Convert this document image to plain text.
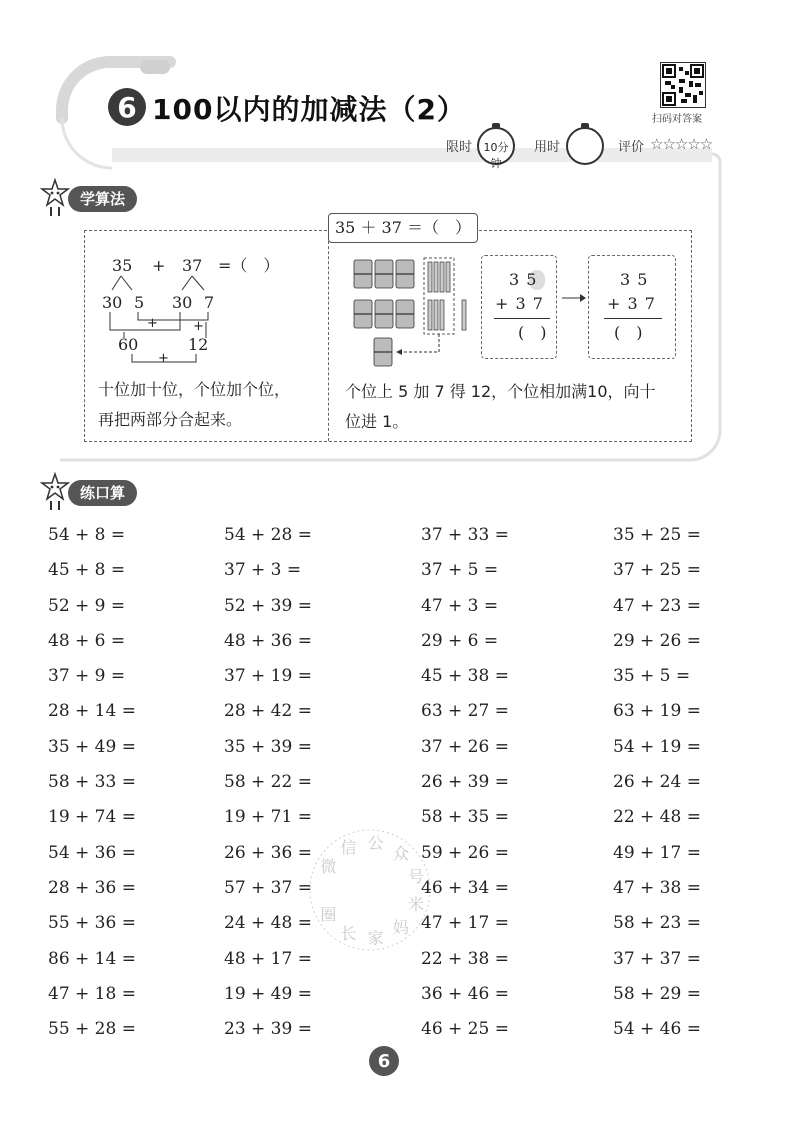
6 100以内的加减法（2）	扫码对答案
限时	10分钟
用时	评价 ☆☆☆☆☆
学算法
35 ＋ 37 ＝（　）
35 + 37 =（　）
30 5 30 7
+	+
60	12
+
十位加十位，个位加个位，
再把两部分合起来。
3 5
+ 3 7
(　)
3 5
+ 3 7
(　)
个位上 5 加 7 得 12，个位相加满10，向十
位进 1。
练口算
54 + 8 =	54 + 28 =	37 + 33 =	35 + 25 =
45 + 8 =	37 + 3 =	37 + 5 =	37 + 25 =
52 + 9 =	52 + 39 =	47 + 3 =	47 + 23 =
48 + 6 =	48 + 36 =	29 + 6 =	29 + 26 =
37 + 9 =	37 + 19 =	45 + 38 =	35 + 5 =
28 + 14 =	28 + 42 =	63 + 27 =	63 + 19 =
35 + 49 =	35 + 39 =	37 + 26 =	54 + 19 =
58 + 33 =	58 + 22 =	26 + 39 =	26 + 24 =
19 + 74 =	19 + 71 =	58 + 35 =	22 + 48 =
54 + 36 =	26 + 36 =	59 + 26 =	49 + 17 =
28 + 36 =	57 + 37 =	46 + 34 =	47 + 38 =
55 + 36 =	24 + 48 =	47 + 17 =	58 + 23 =
86 + 14 =	48 + 17 =	22 + 38 =	37 + 37 =
47 + 18 =	19 + 49 =	36 + 46 =	58 + 29 =
55 + 28 =	23 + 39 =	46 + 25 =	54 + 46 =
微
信 公
众
号
米
妈
家
长
圈
6
